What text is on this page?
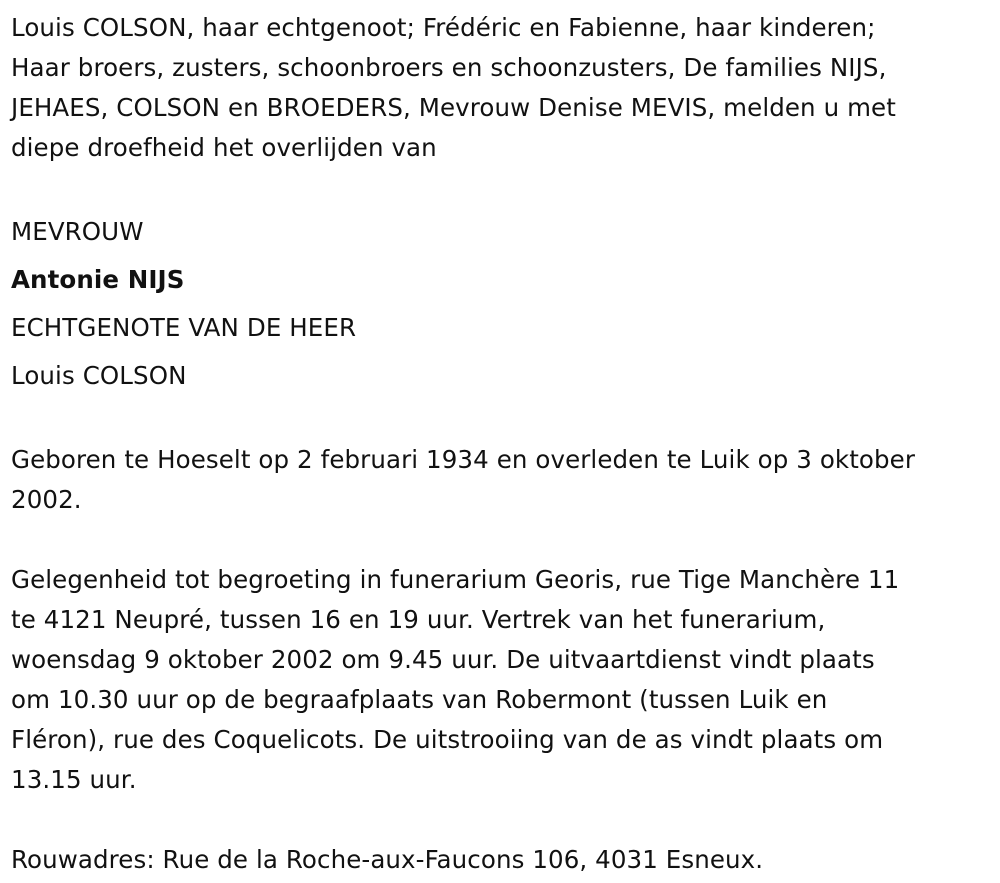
Louis COLSON, haar echtgenoot; Frédéric en Fabienne, haar kinderen;
Haar broers, zusters, schoonbroers en schoonzusters, De families NIJS,
JEHAES, COLSON en BROEDERS, Mevrouw Denise MEVIS, melden u met
diepe droefheid het overlijden van
MEVROUW
Antonie NIJS
ECHTGENOTE VAN DE HEER
Louis COLSON
Geboren te Hoeselt op 2 februari 1934 en overleden te Luik op 3 oktober
2002.
Gelegenheid tot begroeting in funerarium Georis, rue Tige Manchère 11
te 4121 Neupré, tussen 16 en 19 uur. Vertrek van het funerarium,
woensdag 9 oktober 2002 om 9.45 uur. De uitvaartdienst vindt plaats
om 10.30 uur op de begraafplaats van Robermont (tussen Luik en
Fléron), rue des Coquelicots. De uitstrooiing van de as vindt plaats om
13.15 uur.
Rouwadres: Rue de la Roche-aux-Faucons 106, 4031 Esneux.
